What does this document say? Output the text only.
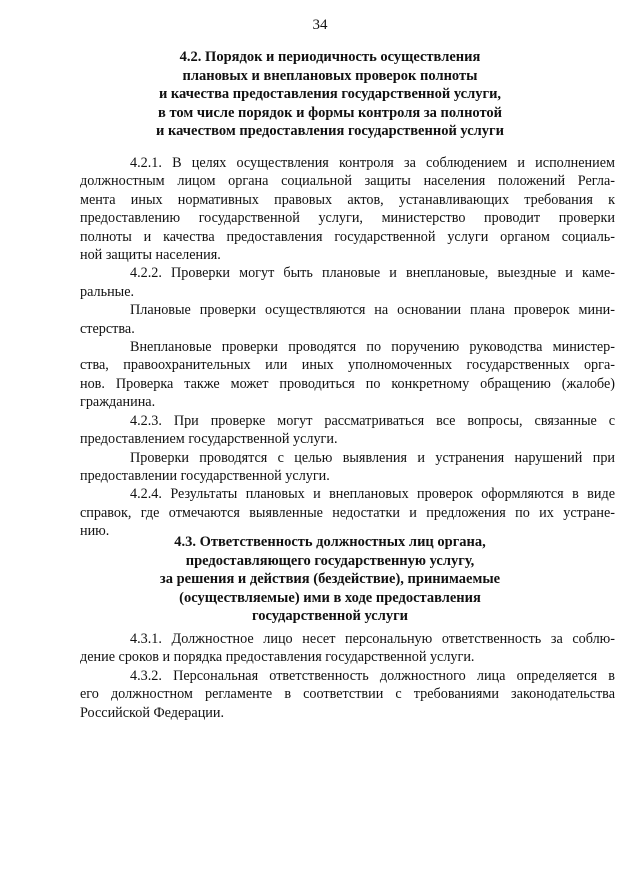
34
4.2. Порядок и периодичность осуществления
плановых и внеплановых проверок полноты
и качества предоставления государственной услуги,
в том числе порядок и формы контроля за полнотой
и качеством предоставления государственной услуги

4.2.1. В целях осуществления контроля за соблюдением и исполнением
должностным лицом органа социальной защиты населения положений Регла-
мента иных нормативных правовых актов, устанавливающих требования к
предоставлению государственной услуги, министерство проводит проверки
полноты и качества предоставления государственной услуги органом социаль-
ной защиты населения.

4.2.2. Проверки могут быть плановые и внеплановые, выездные и каме-
ральные.

Плановые проверки осуществляются на основании плана проверок мини-
стерства.

Внеплановые проверки проводятся по поручению руководства министер-
ства, правоохранительных или иных уполномоченных государственных орга-
нов. Проверка также может проводиться по конкретному обращению (жалобе)
гражданина.

4.2.3. При проверке могут рассматриваться все вопросы, связанные с
предоставлением государственной услуги.

Проверки проводятся с целью выявления и устранения нарушений при
предоставлении государственной услуги.

4.2.4. Результаты плановых и внеплановых проверок оформляются в виде
справок, где отмечаются выявленные недостатки и предложения по их устране-
нию.

4.3. Ответственность должностных лиц органа,
предоставляющего государственную услугу,
за решения и действия (бездействие), принимаемые
(осуществляемые) ими в ходе предоставления
государственной услуги

4.3.1. Должностное лицо несет персональную ответственность за соблю-
дение сроков и порядка предоставления государственной услуги.

4.3.2. Персональная ответственность должностного лица определяется в
его должностном регламенте в соответствии с требованиями законодательства
Российской Федерации.
